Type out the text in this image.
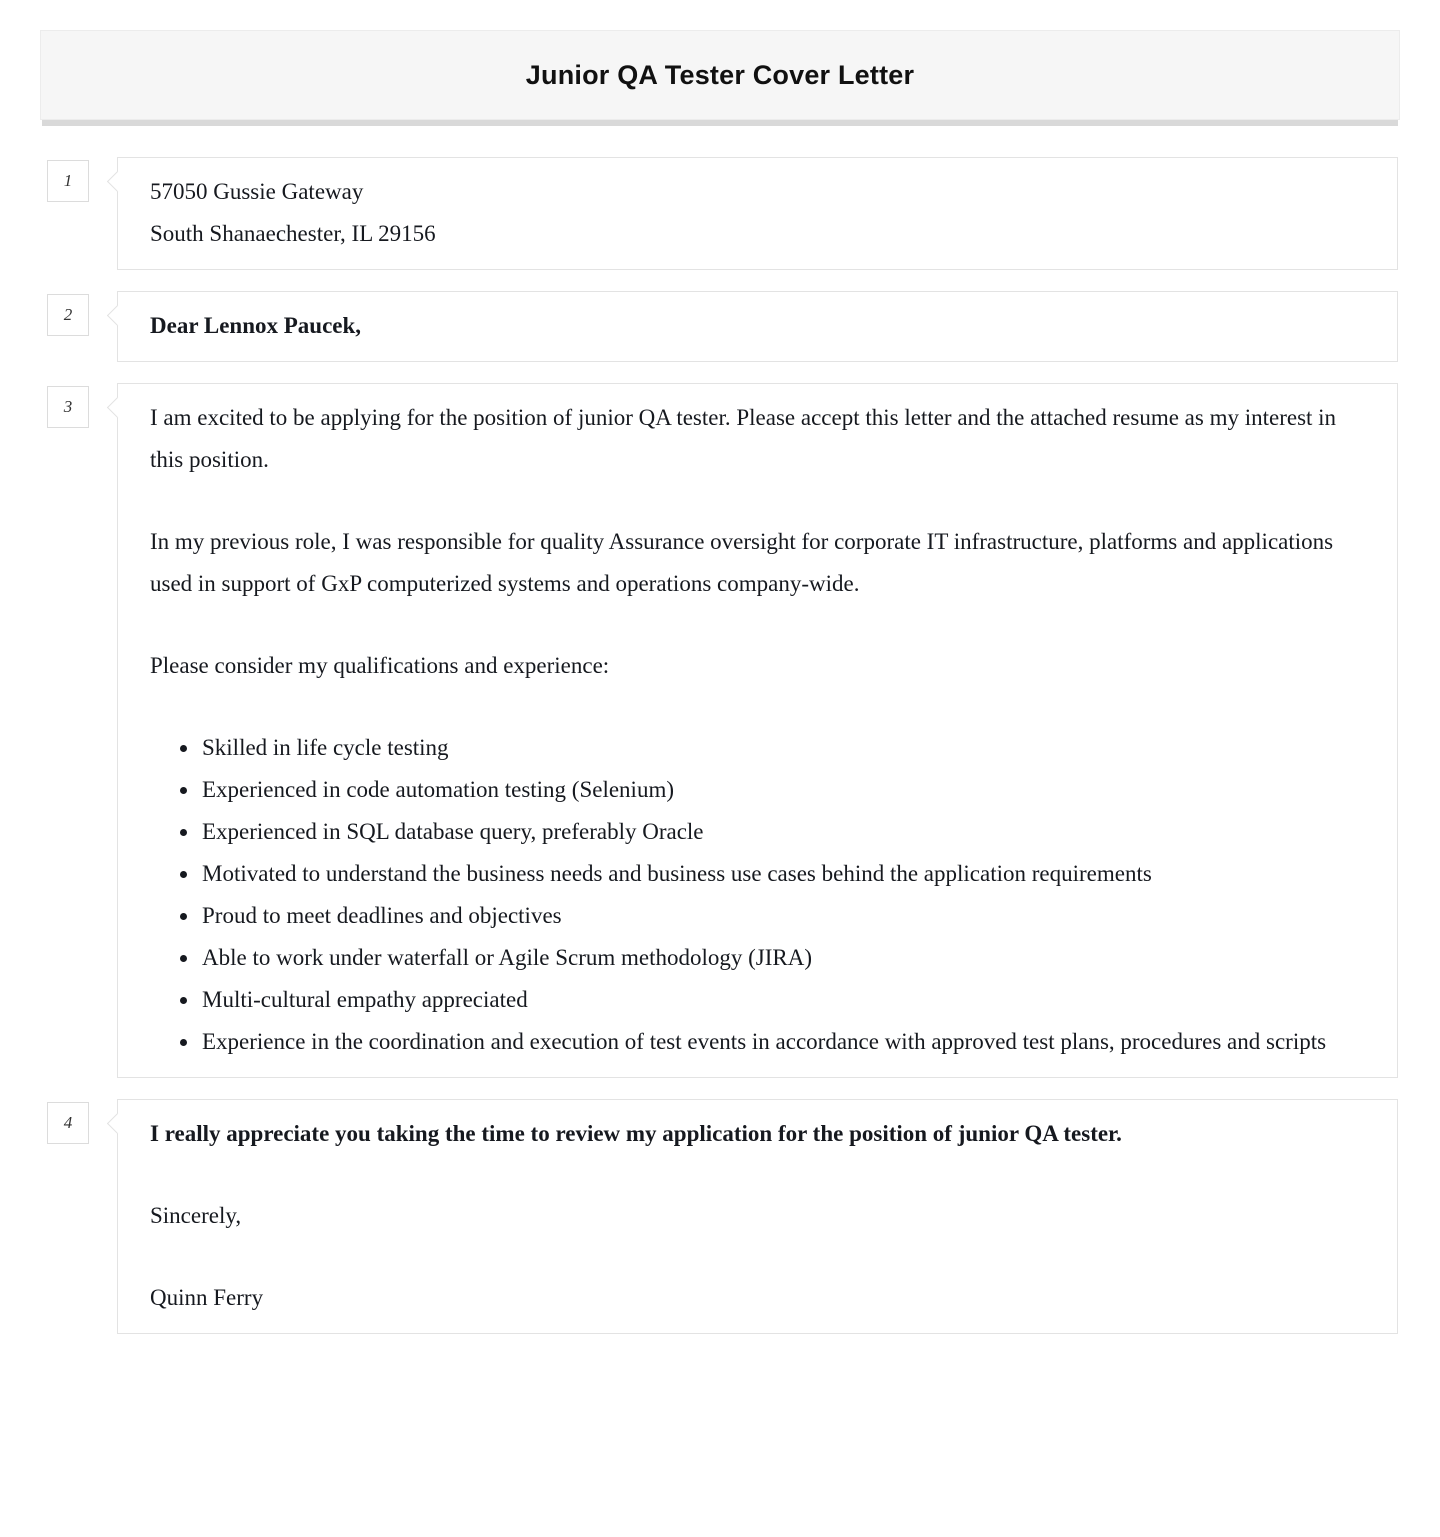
Junior QA Tester Cover Letter
1	57050 Gussie Gateway

South Shanaechester, IL 29156

2	Dear Lennox Paucek,

3	I am excited to be applying for the position of junior QA tester. Please accept this letter and the attached resume as my interest in this position.

In my previous role, I was responsible for quality Assurance oversight for corporate IT infrastructure, platforms and applications used in support of GxP computerized systems and operations company-wide.

Please consider my qualifications and experience:

• Skilled in life cycle testing
• Experienced in code automation testing (Selenium)
• Experienced in SQL database query, preferably Oracle
• Motivated to understand the business needs and business use cases behind the application requirements
• Proud to meet deadlines and objectives
• Able to work under waterfall or Agile Scrum methodology (JIRA)
• Multi-cultural empathy appreciated
• Experience in the coordination and execution of test events in accordance with approved test plans, procedures and scripts
4	I really appreciate you taking the time to review my application for the position of junior QA tester.

Sincerely,

Quinn Ferry
